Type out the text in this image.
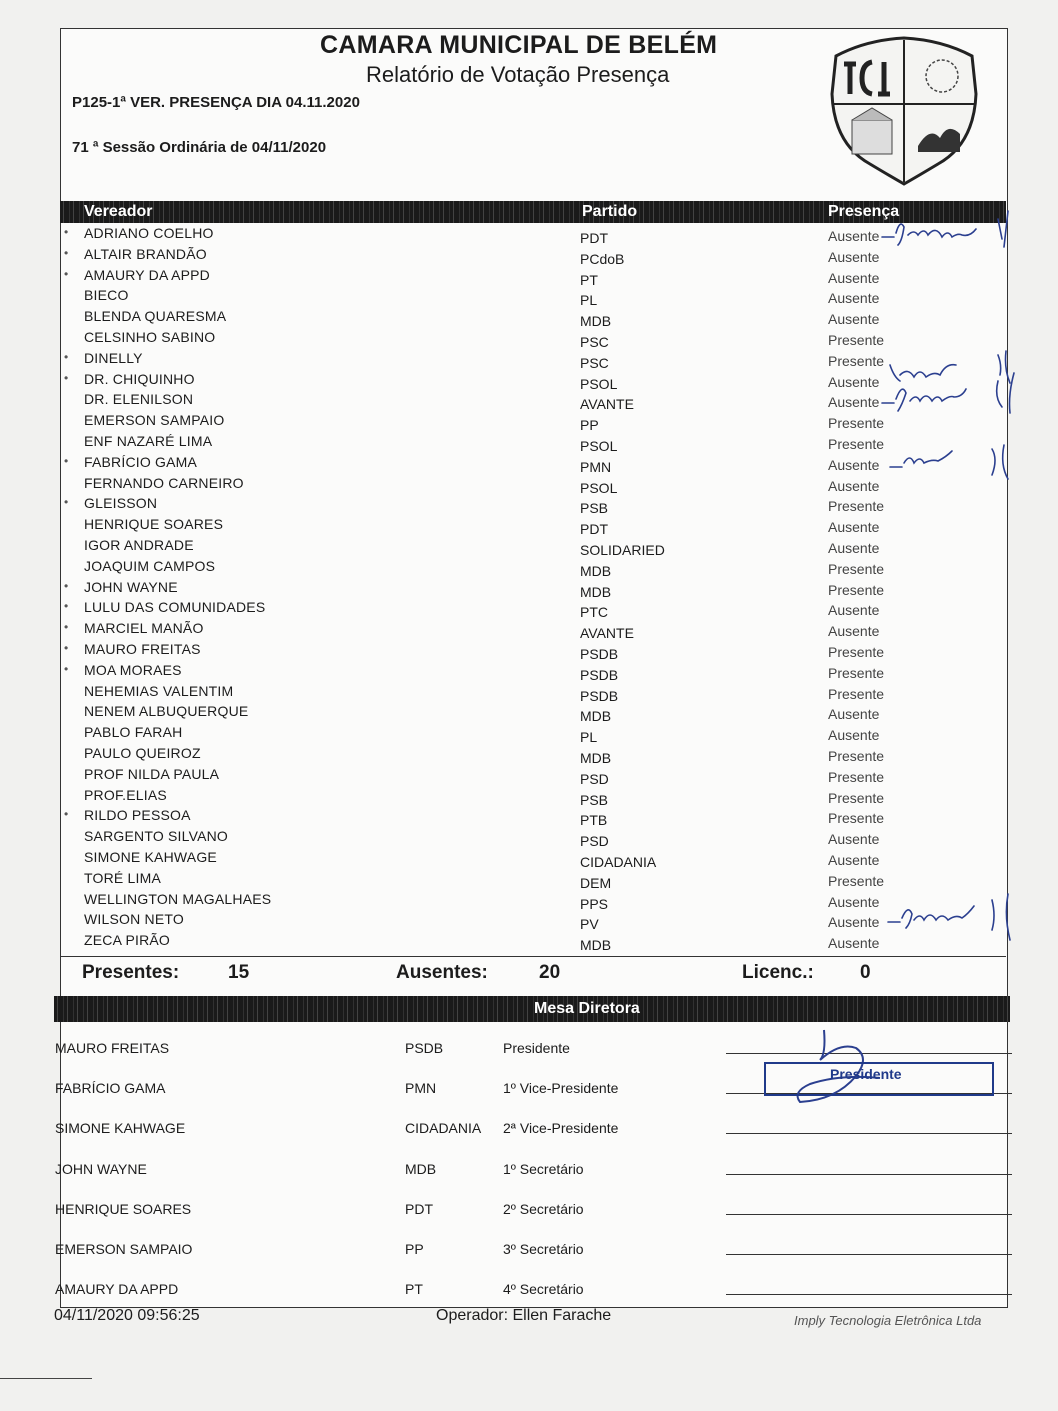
CAMARA MUNICIPAL DE BELÉM
Relatório de Votação Presença
P125-1ª VER. PRESENÇA DIA 04.11.2020
71 ª Sessão Ordinária de 04/11/2020
Vereador	Partido	Presença
• ADRIANO COELHO	PDT	Ausente
• ALTAIR BRANDÃO	PCdoB	Ausente
• AMAURY DA APPD	PT	Ausente
BIECO	PL	Ausente
BLENDA QUARESMA	MDB	Ausente
CELSINHO SABINO	PSC	Presente
• DINELLY	PSC	Presente
• DR. CHIQUINHO	PSOL	Ausente
DR. ELENILSON	AVANTE	Ausente
EMERSON SAMPAIO	PP	Presente
ENF NAZARÉ LIMA	PSOL	Presente
• FABRÍCIO GAMA	PMN	Ausente
FERNANDO CARNEIRO	PSOL	Ausente
• GLEISSON	PSB	Presente
HENRIQUE SOARES	PDT	Ausente
IGOR ANDRADE	SOLIDARIED	Ausente
JOAQUIM CAMPOS	MDB	Presente
• JOHN WAYNE	MDB	Presente
• LULU DAS COMUNIDADES	PTC	Ausente
• MARCIEL MANÃO	AVANTE	Ausente
• MAURO FREITAS	PSDB	Presente
• MOA MORAES	PSDB	Presente
NEHEMIAS VALENTIM	PSDB	Presente
NENEM ALBUQUERQUE	MDB	Ausente
PABLO FARAH	PL	Ausente
PAULO QUEIROZ	MDB	Presente
PROF NILDA PAULA	PSD	Presente
PROF.ELIAS	PSB	Presente
• RILDO PESSOA	PTB	Presente
SARGENTO SILVANO	PSD	Ausente
SIMONE KAHWAGE	CIDADANIA	Ausente
TORÉ LIMA	DEM	Presente
WELLINGTON MAGALHAES	PPS	Ausente
WILSON NETO	PV	Ausente
ZECA PIRÃO	MDB	Ausente
Presentes:	15	Ausentes:	20	Licenc.: 0
Mesa Diretora
MAURO FREITAS	PSDB	Presidente
FABRÍCIO GAMA	PMN	1º Vice-Presidente
SIMONE KAHWAGE	CIDADANIA 2ª Vice-Presidente
JOHN WAYNE	MDB	1º Secretário
HENRIQUE SOARES	PDT	2º Secretário
EMERSON SAMPAIO	PP	3º Secretário
AMAURY DA APPD	PT	4º Secretário
Presidente
04/11/2020 09:56:25	Operador: Ellen Farache	Imply Tecnologia Eletrônica Ltda
